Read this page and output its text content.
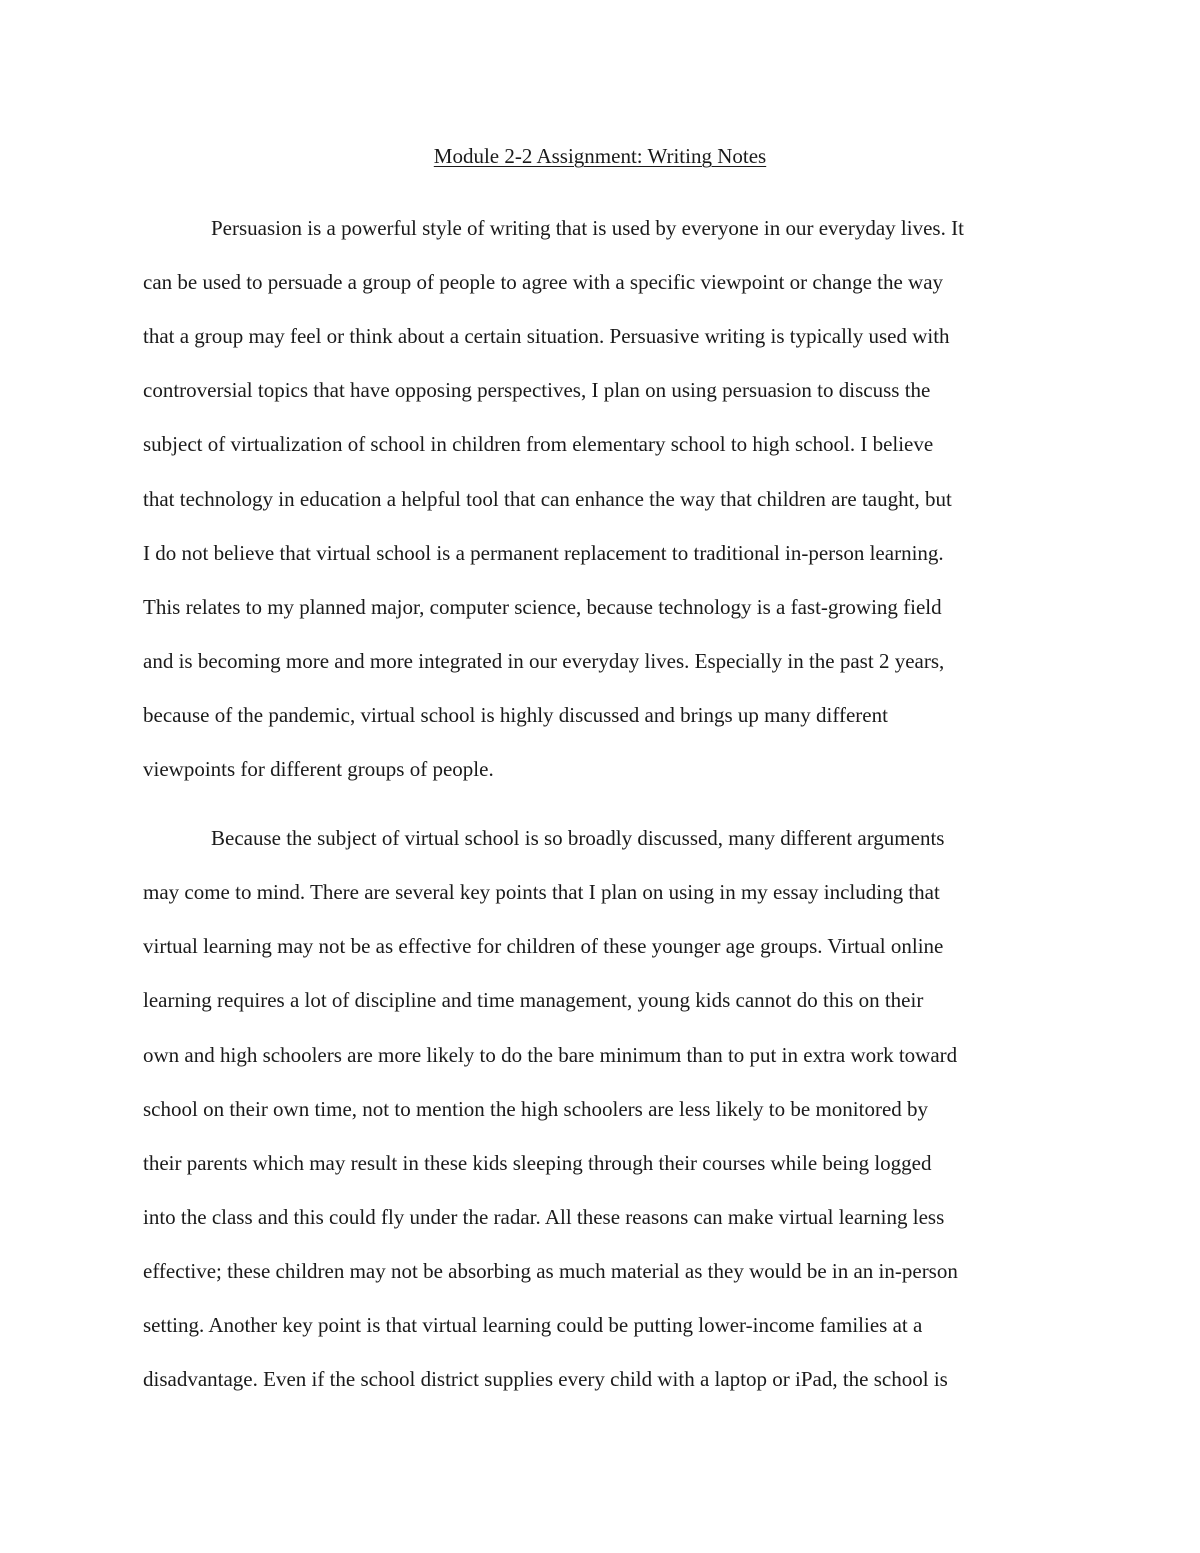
Module 2-2 Assignment: Writing Notes
Persuasion is a powerful style of writing that is used by everyone in our everyday lives. It
can be used to persuade a group of people to agree with a specific viewpoint or change the way
that a group may feel or think about a certain situation. Persuasive writing is typically used with
controversial topics that have opposing perspectives, I plan on using persuasion to discuss the
subject of virtualization of school in children from elementary school to high school. I believe
that technology in education a helpful tool that can enhance the way that children are taught, but
I do not believe that virtual school is a permanent replacement to traditional in-person learning.
This relates to my planned major, computer science, because technology is a fast-growing field
and is becoming more and more integrated in our everyday lives. Especially in the past 2 years,
because of the pandemic, virtual school is highly discussed and brings up many different
viewpoints for different groups of people.
Because the subject of virtual school is so broadly discussed, many different arguments
may come to mind. There are several key points that I plan on using in my essay including that
virtual learning may not be as effective for children of these younger age groups. Virtual online
learning requires a lot of discipline and time management, young kids cannot do this on their
own and high schoolers are more likely to do the bare minimum than to put in extra work toward
school on their own time, not to mention the high schoolers are less likely to be monitored by
their parents which may result in these kids sleeping through their courses while being logged
into the class and this could fly under the radar. All these reasons can make virtual learning less
effective; these children may not be absorbing as much material as they would be in an in-person
setting. Another key point is that virtual learning could be putting lower-income families at a
disadvantage. Even if the school district supplies every child with a laptop or iPad, the school is
